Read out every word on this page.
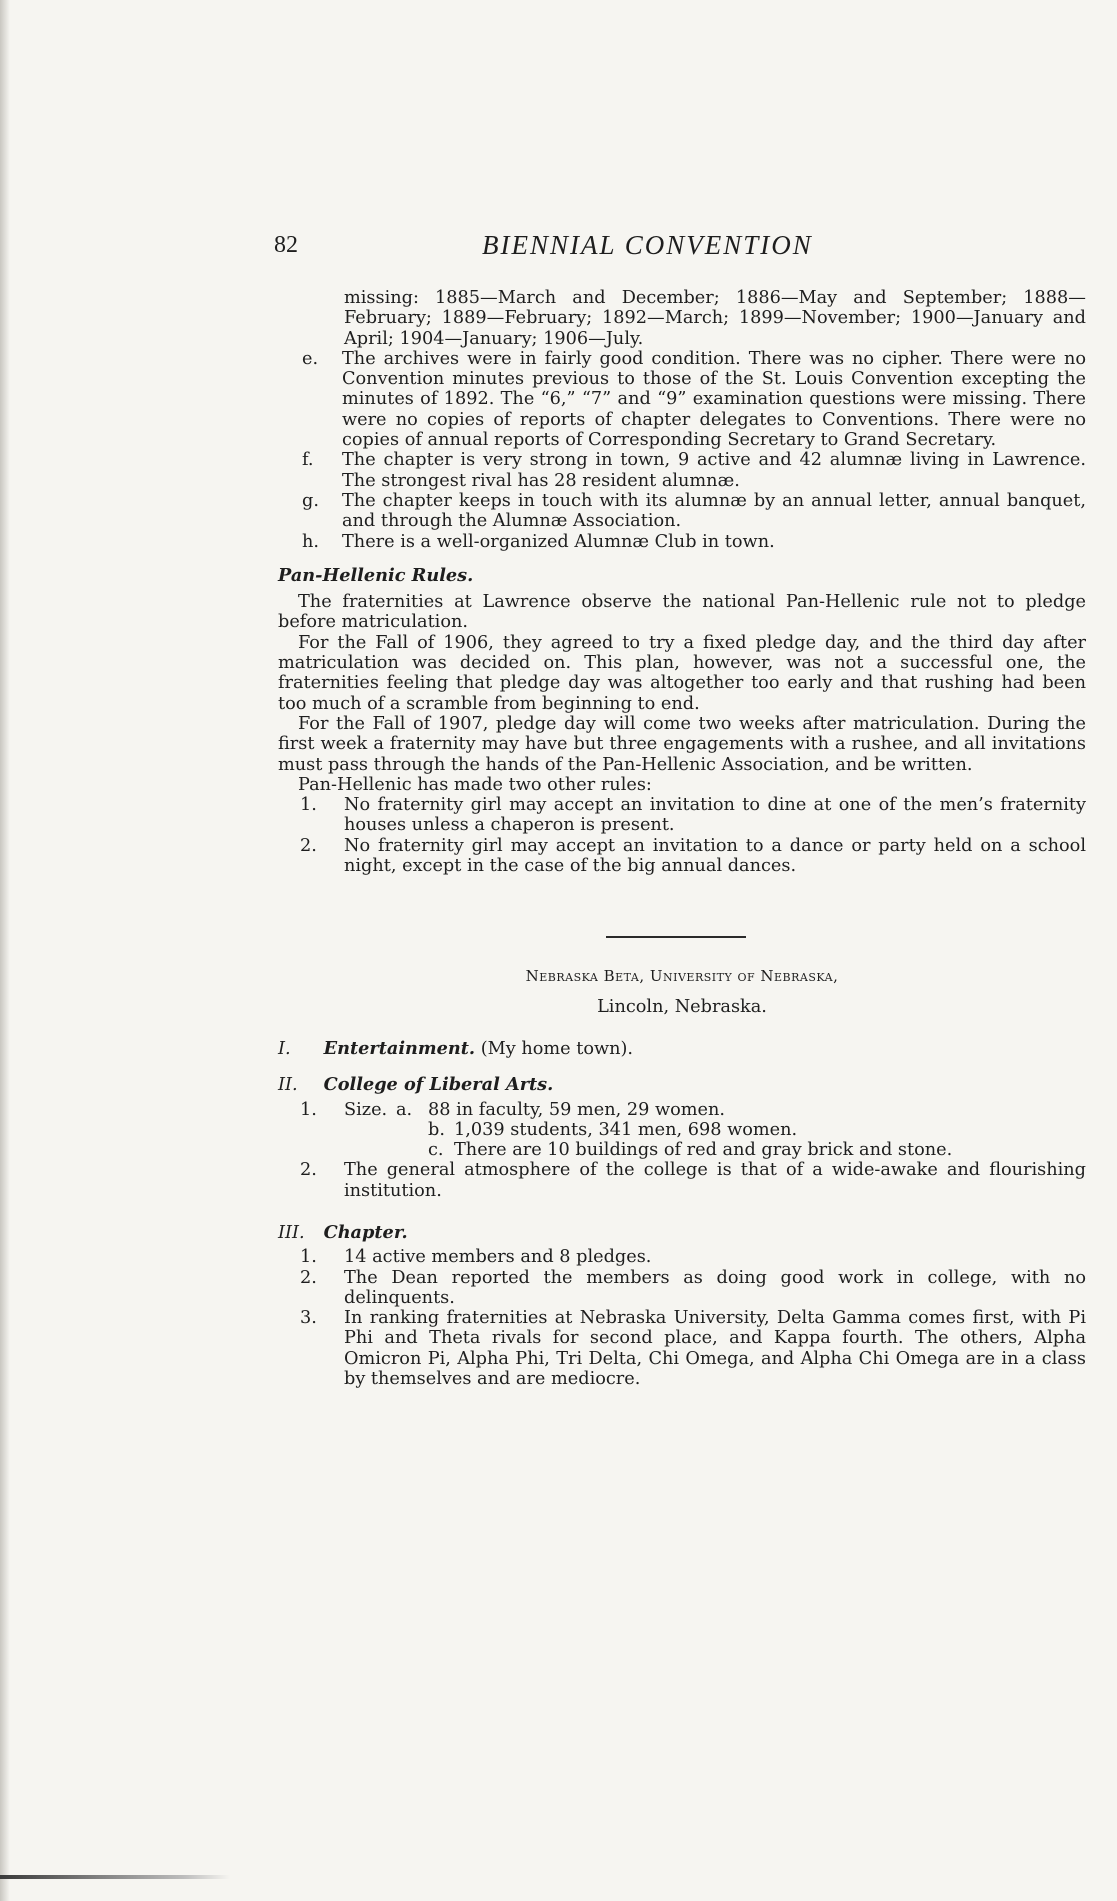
82	BIENNIAL CONVENTION

missing: 1885—March and December; 1886—May and September; 1888—February; 1889—February; 1892—March; 1899—November; 1900—January and April; 1904—January; 1906—July.

e. The archives were in fairly good condition. There was no cipher. There were no Convention minutes previous to those of the St. Louis Convention excepting the minutes of 1892. The “6,” “7” and “9” examination questions were missing. There were no copies of reports of chapter delegates to Conventions. There were no copies of annual reports of Corresponding Secretary to Grand Secretary.
f. The chapter is very strong in town, 9 active and 42 alumnæ living in Lawrence. The strongest rival has 28 resident alumnæ.
g. The chapter keeps in touch with its alumnæ by an annual letter, annual banquet, and through the Alumnæ Association.
h. There is a well-organized Alumnæ Club in town.

Pan-Hellenic Rules.

The fraternities at Lawrence observe the national Pan-Hellenic rule not to pledge before matriculation.

For the Fall of 1906, they agreed to try a fixed pledge day, and the third day after matriculation was decided on. This plan, however, was not a successful one, the fraternities feeling that pledge day was altogether too early and that rushing had been too much of a scramble from beginning to end.

For the Fall of 1907, pledge day will come two weeks after matriculation. During the first week a fraternity may have but three engagements with a rushee, and all invitations must pass through the hands of the Pan-Hellenic Association, and be written.

Pan-Hellenic has made two other rules:

1. No fraternity girl may accept an invitation to dine at one of the men’s fraternity houses unless a chaperon is present.
2. No fraternity girl may accept an invitation to a dance or party held on a school night, except in the case of the big annual dances.

Nebraska Beta, University of Nebraska,

Lincoln, Nebraska.

I. Entertainment. (My home town).

II. College of Liberal Arts.

1. Size. a. 88 in faculty, 59 men, 29 women.
b. 1,039 students, 341 men, 698 women.
c. There are 10 buildings of red and gray brick and stone.
2. The general atmosphere of the college is that of a wide-awake and flourishing institution.

III. Chapter.

1. 14 active members and 8 pledges.
2. The Dean reported the members as doing good work in college, with no delinquents.
3. In ranking fraternities at Nebraska University, Delta Gamma comes first, with Pi Phi and Theta rivals for second place, and Kappa fourth. The others, Alpha Omicron Pi, Alpha Phi, Tri Delta, Chi Omega, and Alpha Chi Omega are in a class by themselves and are mediocre.
